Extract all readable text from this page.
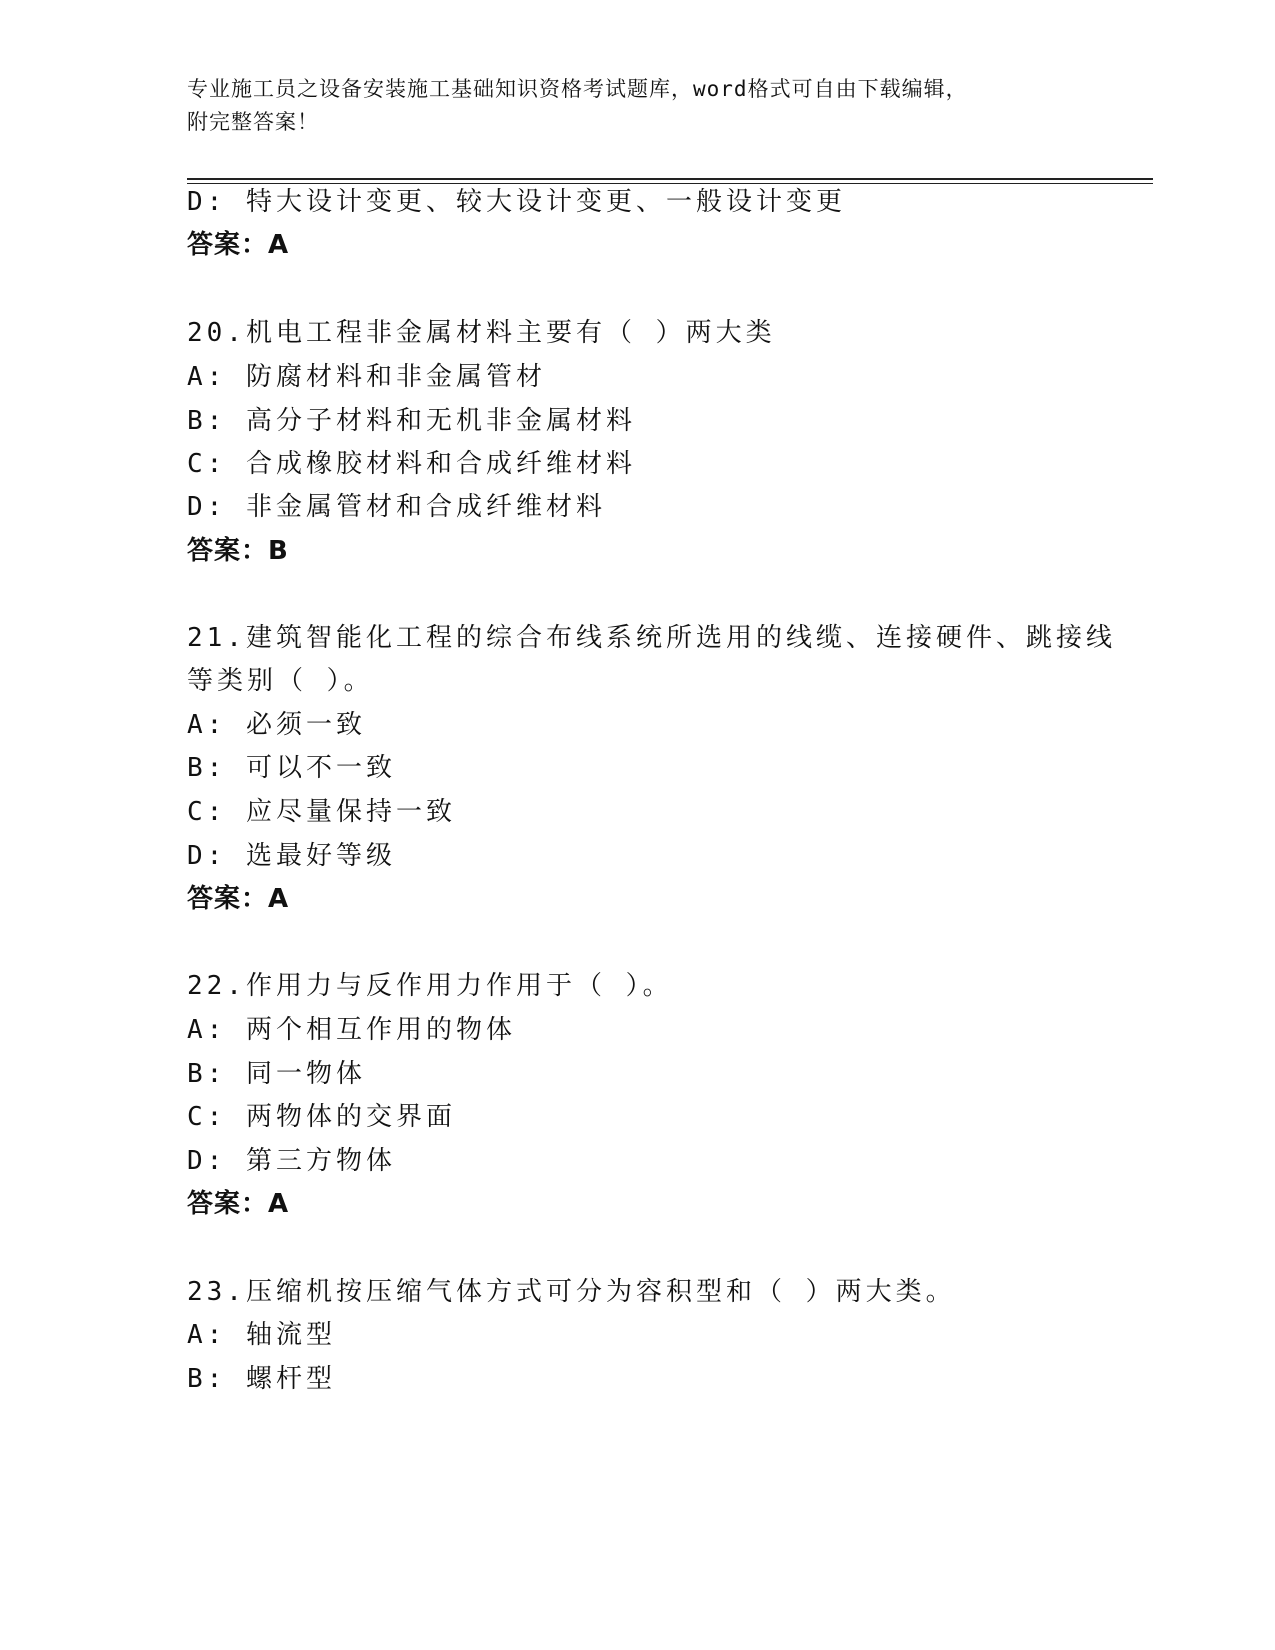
专业施工员之设备安装施工基础知识资格考试题库，word格式可自由下载编辑，
附完整答案！
D: 特大设计变更、较大设计变更、一般设计变更
答案：A
20.机电工程非金属材料主要有（ ）两大类
A: 防腐材料和非金属管材
B: 高分子材料和无机非金属材料
C: 合成橡胶材料和合成纤维材料
D: 非金属管材和合成纤维材料
答案：B
21.建筑智能化工程的综合布线系统所选用的线缆、连接硬件、跳接线
等类别（ ）。
A: 必须一致
B: 可以不一致
C: 应尽量保持一致
D: 选最好等级
答案：A
22.作用力与反作用力作用于（ ）。
A: 两个相互作用的物体
B: 同一物体
C: 两物体的交界面
D: 第三方物体
答案：A
23.压缩机按压缩气体方式可分为容积型和（ ）两大类。
A: 轴流型
B: 螺杆型
